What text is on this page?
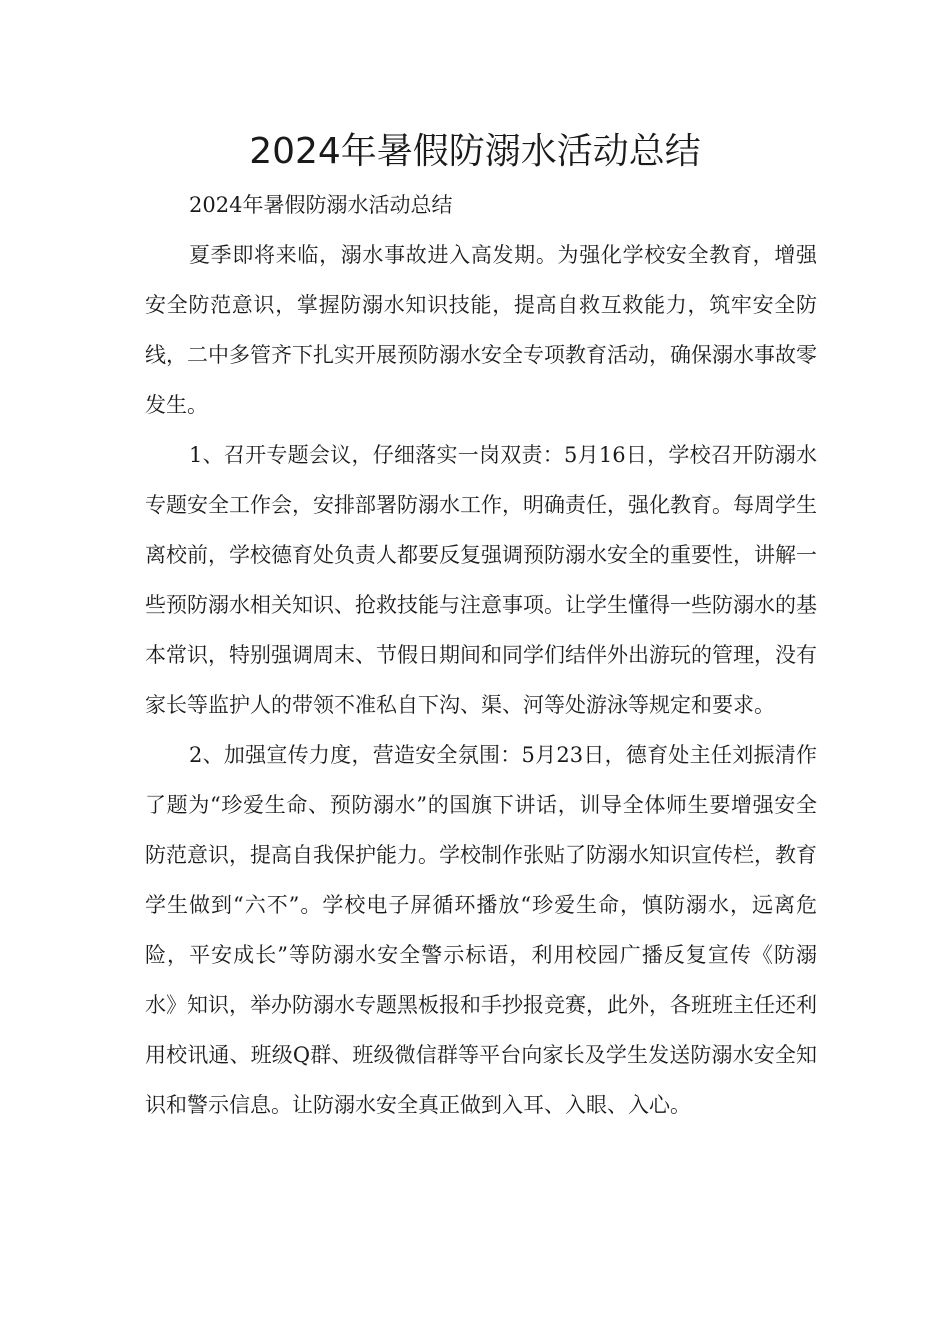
2024年暑假防溺水活动总结

2024年暑假防溺水活动总结

夏季即将来临，溺水事故进入高发期。为强化学校安全教育，增强安全防范意识，掌握防溺水知识技能，提高自救互救能力，筑牢安全防线，二中多管齐下扎实开展预防溺水安全专项教育活动，确保溺水事故零发生。

1、召开专题会议，仔细落实一岗双责：5月16日，学校召开防溺水专题安全工作会，安排部署防溺水工作，明确责任，强化教育。每周学生离校前，学校德育处负责人都要反复强调预防溺水安全的重要性，讲解一些预防溺水相关知识、抢救技能与注意事项。让学生懂得一些防溺水的基本常识，特别强调周末、节假日期间和同学们结伴外出游玩的管理，没有家长等监护人的带领不准私自下沟、渠、河等处游泳等规定和要求。

2、加强宣传力度，营造安全氛围：5月23日，德育处主任刘振清作了题为“珍爱生命、预防溺水”的国旗下讲话，训导全体师生要增强安全防范意识，提高自我保护能力。学校制作张贴了防溺水知识宣传栏，教育学生做到“六不”。学校电子屏循环播放“珍爱生命，慎防溺水，远离危险，平安成长”等防溺水安全警示标语，利用校园广播反复宣传《防溺水》知识，举办防溺水专题黑板报和手抄报竞赛，此外，各班班主任还利用校讯通、班级Q群、班级微信群等平台向家长及学生发送防溺水安全知识和警示信息。让防溺水安全真正做到入耳、入眼、入心。
